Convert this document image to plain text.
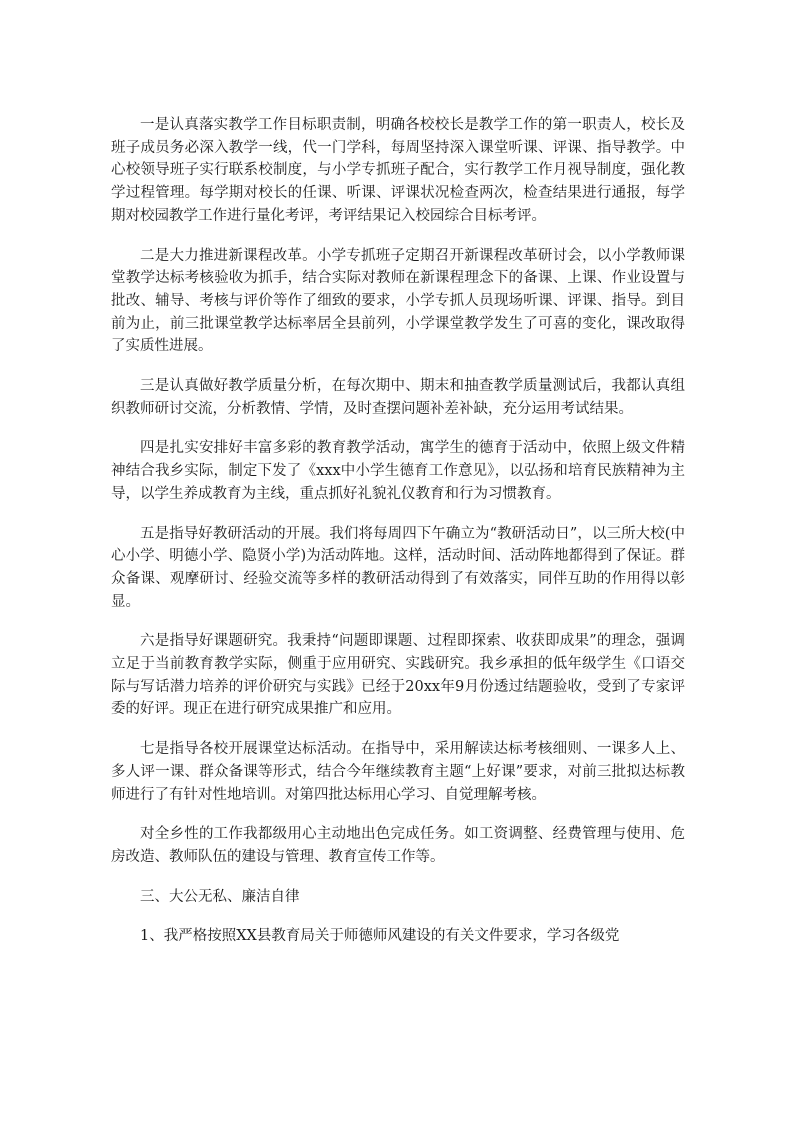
一是认真落实教学工作目标职责制，明确各校校长是教学工作的第一职责人，校长及班子成员务必深入教学一线，代一门学科，每周坚持深入课堂听课、评课、指导教学。中心校领导班子实行联系校制度，与小学专抓班子配合，实行教学工作月视导制度，强化教学过程管理。每学期对校长的任课、听课、评课状况检查两次，检查结果进行通报，每学期对校园教学工作进行量化考评，考评结果记入校园综合目标考评。

二是大力推进新课程改革。小学专抓班子定期召开新课程改革研讨会，以小学教师课堂教学达标考核验收为抓手，结合实际对教师在新课程理念下的备课、上课、作业设置与批改、辅导、考核与评价等作了细致的要求，小学专抓人员现场听课、评课、指导。到目前为止，前三批课堂教学达标率居全县前列，小学课堂教学发生了可喜的变化，课改取得了实质性进展。

三是认真做好教学质量分析，在每次期中、期末和抽查教学质量测试后，我都认真组织教师研讨交流，分析教情、学情，及时查摆问题补差补缺，充分运用考试结果。

四是扎实安排好丰富多彩的教育教学活动，寓学生的德育于活动中，依照上级文件精神结合我乡实际，制定下发了《xxx中小学生德育工作意见》，以弘扬和培育民族精神为主导，以学生养成教育为主线，重点抓好礼貌礼仪教育和行为习惯教育。

五是指导好教研活动的开展。我们将每周四下午确立为“教研活动日”，以三所大校(中心小学、明德小学、隐贤小学)为活动阵地。这样，活动时间、活动阵地都得到了保证。群众备课、观摩研讨、经验交流等多样的教研活动得到了有效落实，同伴互助的作用得以彰显。

六是指导好课题研究。我秉持“问题即课题、过程即探索、收获即成果”的理念，强调立足于当前教育教学实际，侧重于应用研究、实践研究。我乡承担的低年级学生《口语交际与写话潜力培养的评价研究与实践》已经于20xx年9月份透过结题验收，受到了专家评委的好评。现正在进行研究成果推广和应用。

七是指导各校开展课堂达标活动。在指导中，采用解读达标考核细则、一课多人上、多人评一课、群众备课等形式，结合今年继续教育主题“上好课”要求，对前三批拟达标教师进行了有针对性地培训。对第四批达标用心学习、自觉理解考核。

对全乡性的工作我都级用心主动地出色完成任务。如工资调整、经费管理与使用、危房改造、教师队伍的建设与管理、教育宣传工作等。

三、大公无私、廉洁自律

1、我严格按照XX县教育局关于师德师风建设的有关文件要求，学习各级党
